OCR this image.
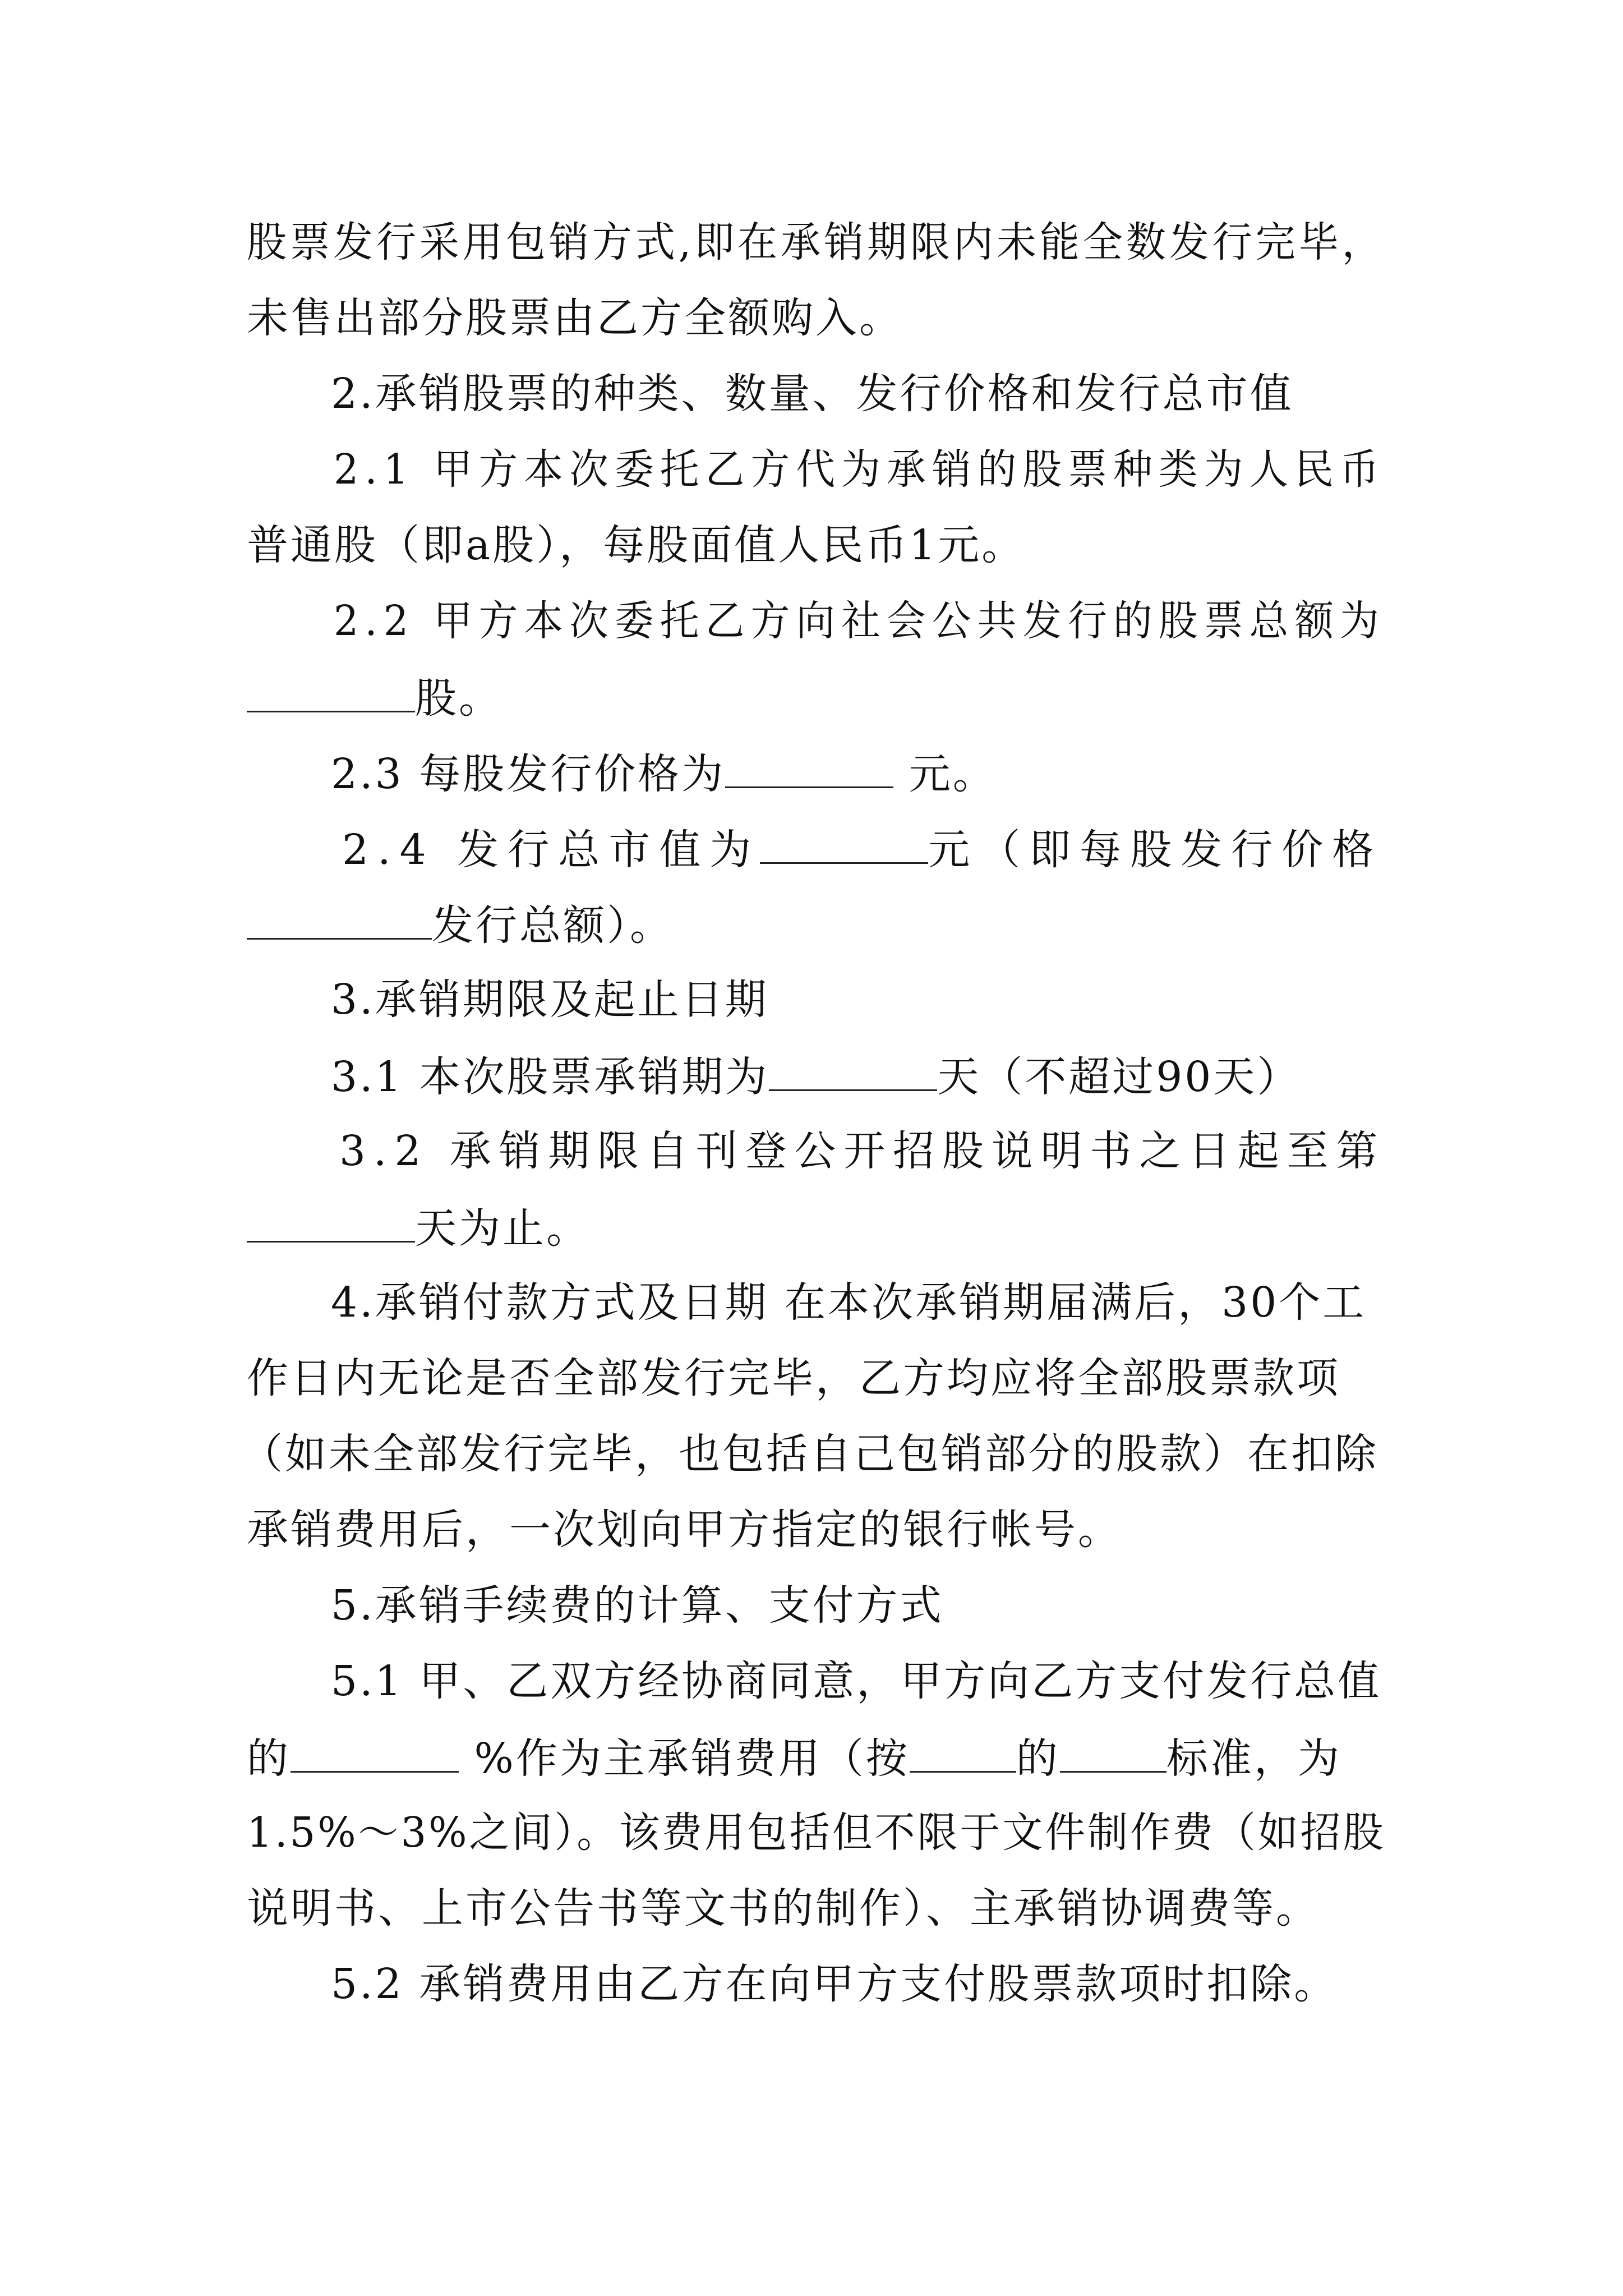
股票发行采用包销方式,即在承销期限内未能全数发行完毕，
未售出部分股票由乙方全额购入。
2.承销股票的种类、数量、发行价格和发行总市值
2.1 甲方本次委托乙方代为承销的股票种类为人民币
普通股（即a股），每股面值人民币1元。
2.2 甲方本次委托乙方向社会公共发行的股票总额为
股。
2.3 每股发行价格为	元。
2.4 发行总市值为	元（即每股发行价格
发行总额）。
3.承销期限及起止日期
3.1 本次股票承销期为	天（不超过90天）
3.2 承销期限自刊登公开招股说明书之日起至第
天为止。
4.承销付款方式及日期 在本次承销期届满后，30个工
作日内无论是否全部发行完毕，乙方均应将全部股票款项
（如未全部发行完毕，也包括自己包销部分的股款）在扣除
承销费用后，一次划向甲方指定的银行帐号。
5.承销手续费的计算、支付方式
5.1 甲、乙双方经协商同意，甲方向乙方支付发行总值
的	%作为主承销费用（按	的	标准，为
1.5%～3%之间）。该费用包括但不限于文件制作费（如招股
说明书、上市公告书等文书的制作）、主承销协调费等。
5.2 承销费用由乙方在向甲方支付股票款项时扣除。
